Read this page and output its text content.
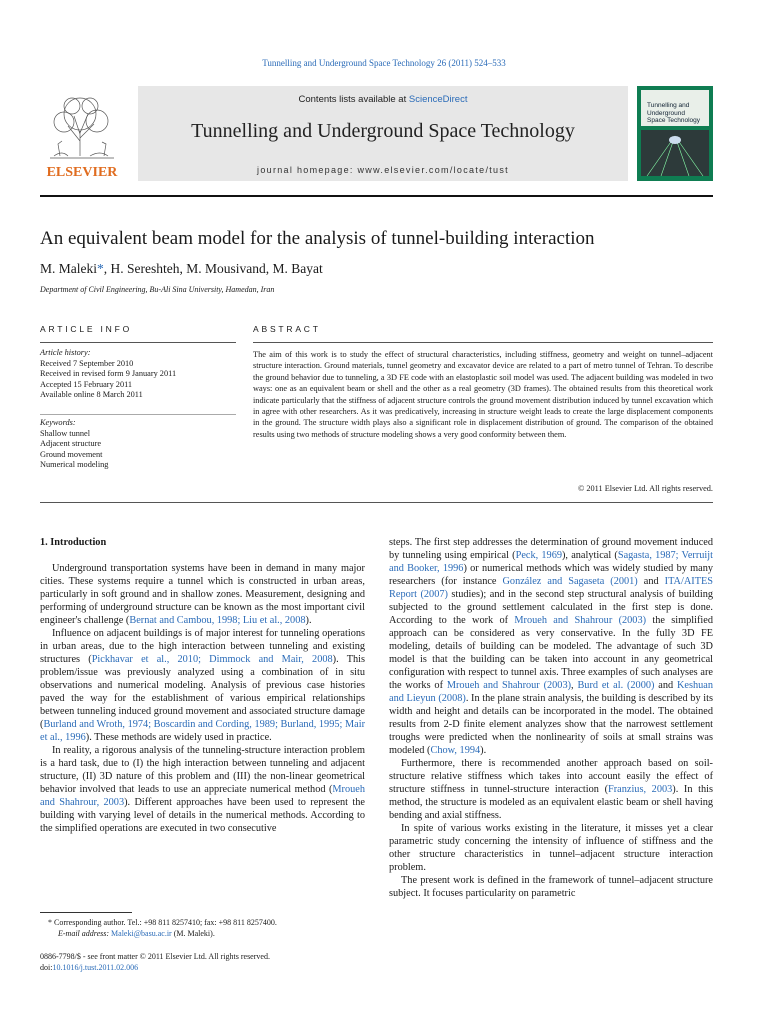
Tunnelling and Underground Space Technology 26 (2011) 524–533
ELSEVIER
Contents lists available at ScienceDirect
Tunnelling and Underground Space Technology
journal homepage: www.elsevier.com/locate/tust
Tunnelling and Underground Space Technology
An equivalent beam model for the analysis of tunnel-building interaction
M. Maleki*, H. Sereshteh, M. Mousivand, M. Bayat
Department of Civil Engineering, Bu-Ali Sina University, Hamedan, Iran
ARTICLE INFO
Article history:
Received 7 September 2010
Received in revised form 9 January 2011
Accepted 15 February 2011
Available online 8 March 2011
Keywords:
Shallow tunnel
Adjacent structure
Ground movement
Numerical modeling
ABSTRACT
The aim of this work is to study the effect of structural characteristics, including stiffness, geometry and weight on tunnel–adjacent structure interaction. Ground materials, tunnel geometry and excavator device are related to a part of metro tunnel of Tehran. To describe the ground behavior due to tunneling, a 3D FE code with an elastoplastic soil model was used. The adjacent building was modeled in two ways: one as an equivalent beam or shell and the other as a real geometry (3D frames). The obtained results from this theoretical work indicate particularly that the stiffness of adjacent structure controls the ground movement distribution induced by tunnel excavation which in agree with other researchers. As it was predicatively, increasing in structure weight leads to create the large displacement components in the ground. The structure width plays also a significant role in displacement distribution of ground. The comparison of the obtained results using two methods of structure modeling shows a very good conformity between them.
© 2011 Elsevier Ltd. All rights reserved.
1. Introduction

Underground transportation systems have been in demand in many major cities. These systems require a tunnel which is constructed in urban areas, particularly in soft ground and in shallow zones. Measurement, designing and performing of underground structure can be known as the most important civil engineer's challenge (Bernat and Cambou, 1998; Liu et al., 2008).

Influence on adjacent buildings is of major interest for tunneling operations in urban areas, due to the high interaction between tunneling and existing structures (Pickhavar et al., 2010; Dimmock and Mair, 2008). This problem/issue was previously analyzed using a combination of in situ observations and numerical modeling. Analysis of previous case histories paved the way for the establishment of various empirical relationships between tunneling induced ground movement and associated structure damage (Burland and Wroth, 1974; Boscardin and Cording, 1989; Burland, 1995; Mair et al., 1996). These methods are widely used in practice.

In reality, a rigorous analysis of the tunneling-structure interaction problem is a hard task, due to (I) the high interaction between tunneling and adjacent structure, (II) 3D nature of this problem and (III) the non-linear geometrical behavior involved that leads to use an appreciate numerical method (Mroueh and Shahrour, 2003). Different approaches have been used to represent the building with varying level of details in the numerical methods. According to the simplified operations are executed in two consecutive

steps. The first step addresses the determination of ground movement induced by tunneling using empirical (Peck, 1969), analytical (Sagasta, 1987; Verruijt and Booker, 1996) or numerical methods which was widely studied by many researchers (for instance González and Sagaseta (2001) and ITA/AITES Report (2007) studies); and in the second step structural analysis of building subjected to the ground settlement calculated in the first step is done. According to the work of Mroueh and Shahrour (2003) the simplified approach can be considered as very conservative. In the fully 3D FE modeling, details of building can be modeled. The advantage of such 3D model is that the building can be taken into account in any geometrical configuration with respect to tunnel axis. Three examples of such analyses are the works of Mroueh and Shahrour (2003), Burd et al. (2000) and Keshuan and Lieyun (2008). In the plane strain analysis, the building is described by its width and height and details can be incorporated in the model. The obtained results from 2-D finite element analyzes show that the narrowest settlement troughs were predicted when the nonlinearity of soils at small strains was modeled (Chow, 1994).

Furthermore, there is recommended another approach based on soil-structure relative stiffness which takes into account easily the effect of structure stiffness in tunnel-structure interaction (Franzius, 2003). In this method, the structure is modeled as an equivalent elastic beam or shell having bending and axial stiffness.

In spite of various works existing in the literature, it misses yet a clear parametric study concerning the intensity of influence of stiffness and the other structure characteristics in tunnel–adjacent structure interaction problem.

The present work is defined in the framework of tunnel–adjacent structure subject. It focuses particularity on parametric

* Corresponding author. Tel.: +98 811 8257410; fax: +98 811 8257400.
E-mail address: Maleki@basu.ac.ir (M. Maleki).
0886-7798/$ - see front matter © 2011 Elsevier Ltd. All rights reserved.
doi:10.1016/j.tust.2011.02.006
